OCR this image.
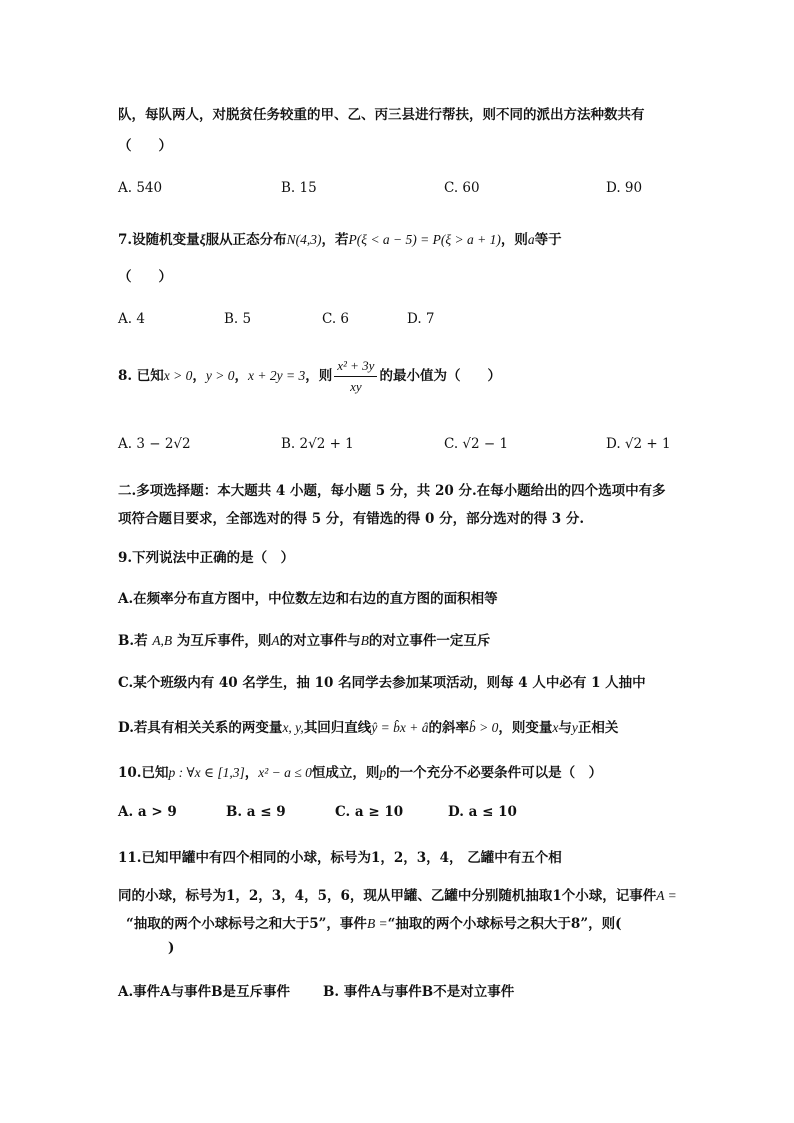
队，每队两人，对脱贫任务较重的甲、乙、丙三县进行帮扶，则不同的派出方法种数共有
（　　）
A. 540	B. 15	C. 60	D. 90
7.设随机变量ξ服从正态分布N(4,3)，若P(ξ < a − 5) = P(ξ > a + 1)，则a等于
（　　）
A. 4	B. 5	C. 6	D. 7
8. 已知x > 0，y > 0，x + 2y = 3，则 $\frac{\text{x² + 3y}}{xy}$ 的最小值为（　　）
A. 3 − 2√2	B. 2√2 + 1	C. √2 − 1	D. √2 + 1
二.多项选择题：本大题共 4 小题，每小题 5 分，共 20 分.在每小题给出的四个选项中有多
项符合题目要求，全部选对的得 5 分，有错选的得 0 分，部分选对的得 3 分.
9.下列说法中正确的是（　）
A.在频率分布直方图中，中位数左边和右边的直方图的面积相等
B.若 A,B 为互斥事件，则A的对立事件与B的对立事件一定互斥
C.某个班级内有 40 名学生，抽 10 名同学去参加某项活动，则每 4 人中必有 1 人抽中
D.若具有相关关系的两变量x, y,其回归直线ŷ = b̂x + â的斜率b̂ > 0，则变量x与y正相关
10.已知p : ∀x ∈ [1,3]，x² − a ≤ 0恒成立，则p的一个充分不必要条件可以是（　）
A. a > 9	B. a ≤ 9	C. a ≥ 10	D. a ≤ 10
11.已知甲罐中有四个相同的小球，标号为1，2，3，4， 乙罐中有五个相
同的小球，标号为1，2，3，4，5，6，现从甲罐、乙罐中分别随机抽取1个小球，记事件A =
“抽取的两个小球标号之和大于5”，事件B =“抽取的两个小球标号之积大于8”，则(
)
A.事件A与事件B是互斥事件 B. 事件A与事件B不是对立事件
